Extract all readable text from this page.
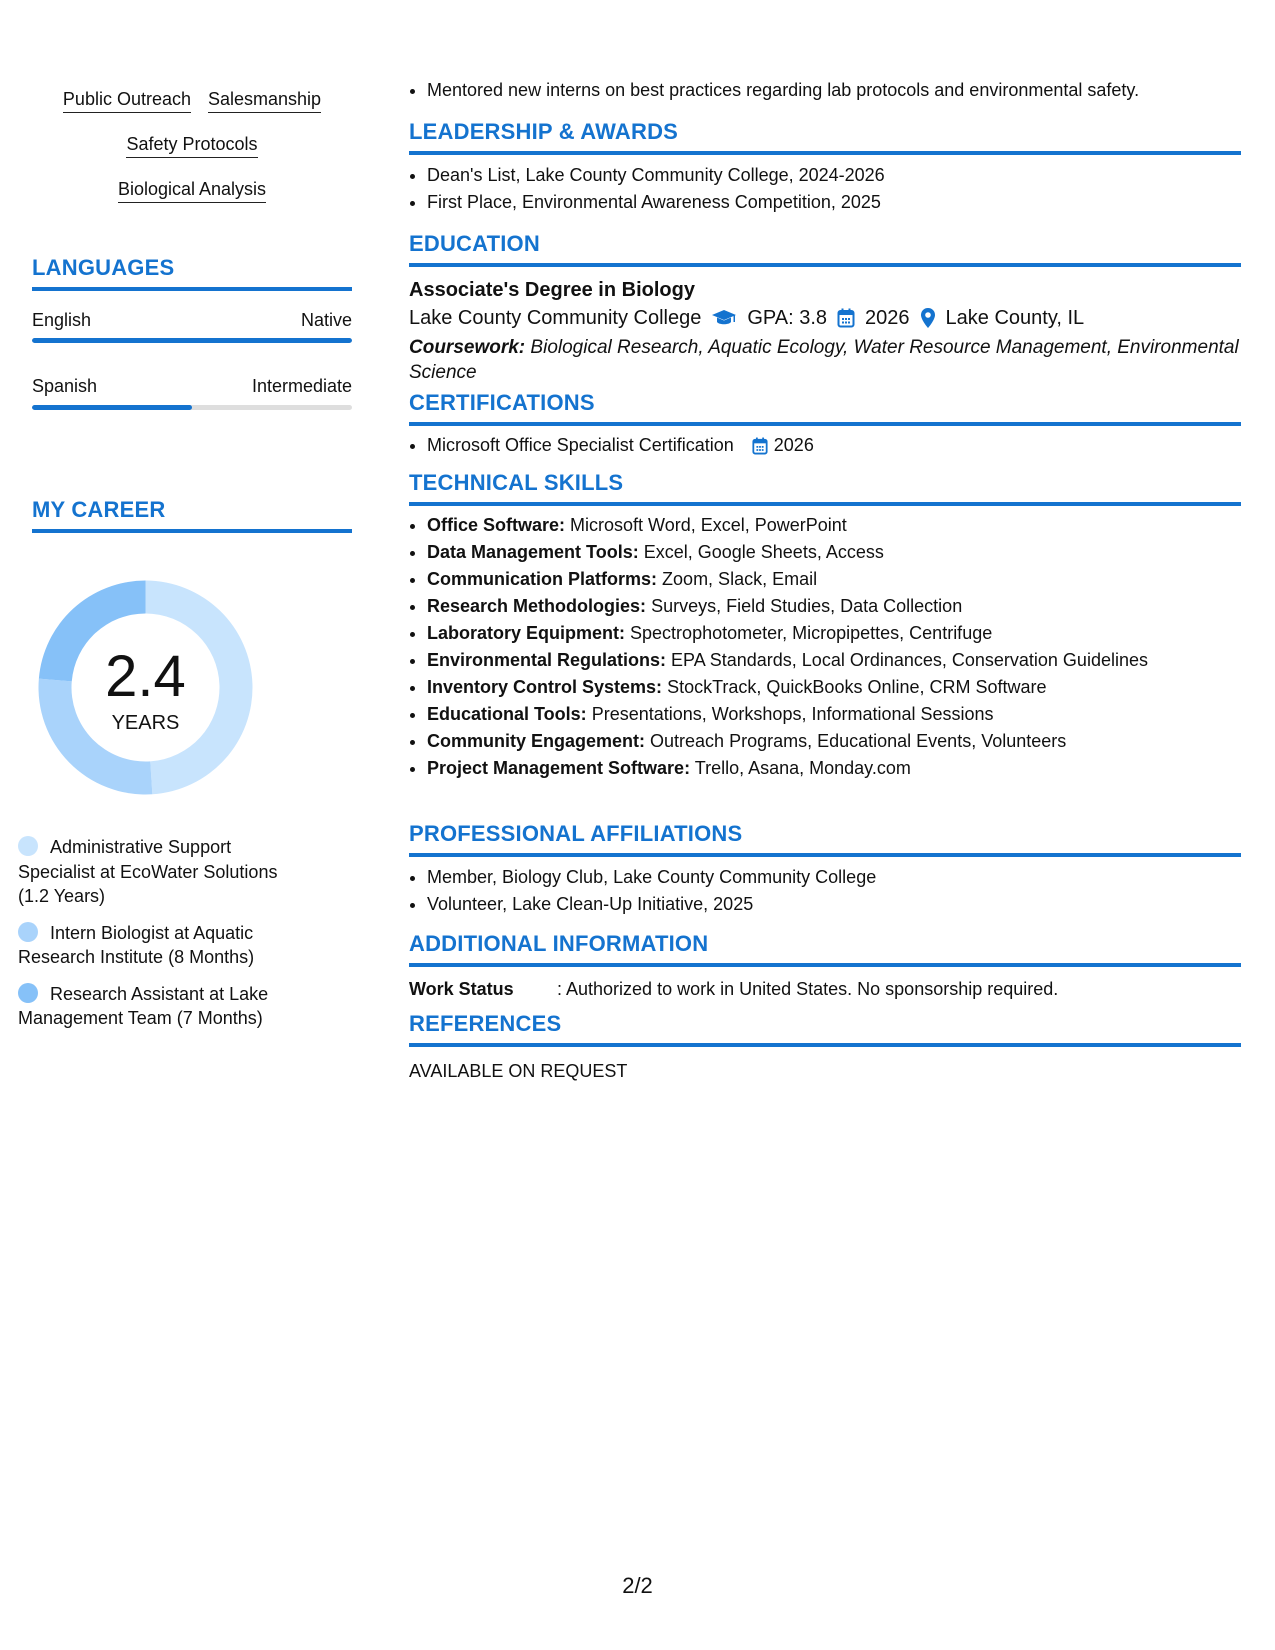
Public Outreach Salesmanship
Safety Protocols
Biological Analysis
LANGUAGES
English	Native
Spanish	Intermediate
MY CAREER
2.4
YEARS
Administrative Support Specialist at EcoWater Solutions (1.2 Years)
Intern Biologist at Aquatic Research Institute (8 Months)
Research Assistant at Lake Management Team (7 Months)
• Mentored new interns on best practices regarding lab protocols and environmental safety.
LEADERSHIP & AWARDS
• Dean's List, Lake County Community College, 2024-2026
• First Place, Environmental Awareness Competition, 2025
EDUCATION
Associate's Degree in Biology
Lake County Community College GPA: 3.8 2026 Lake County, IL
Coursework: Biological Research, Aquatic Ecology, Water Resource Management, Environmental Science
CERTIFICATIONS
• Microsoft Office Specialist Certification 2026
TECHNICAL SKILLS
• Office Software: Microsoft Word, Excel, PowerPoint
• Data Management Tools: Excel, Google Sheets, Access
• Communication Platforms: Zoom, Slack, Email
• Research Methodologies: Surveys, Field Studies, Data Collection
• Laboratory Equipment: Spectrophotometer, Micropipettes, Centrifuge
• Environmental Regulations: EPA Standards, Local Ordinances, Conservation Guidelines
• Inventory Control Systems: StockTrack, QuickBooks Online, CRM Software
• Educational Tools: Presentations, Workshops, Informational Sessions
• Community Engagement: Outreach Programs, Educational Events, Volunteers
• Project Management Software: Trello, Asana, Monday.com
PROFESSIONAL AFFILIATIONS
• Member, Biology Club, Lake County Community College
• Volunteer, Lake Clean-Up Initiative, 2025
ADDITIONAL INFORMATION
Work Status	: Authorized to work in United States. No sponsorship required.
REFERENCES
AVAILABLE ON REQUEST
2/2
